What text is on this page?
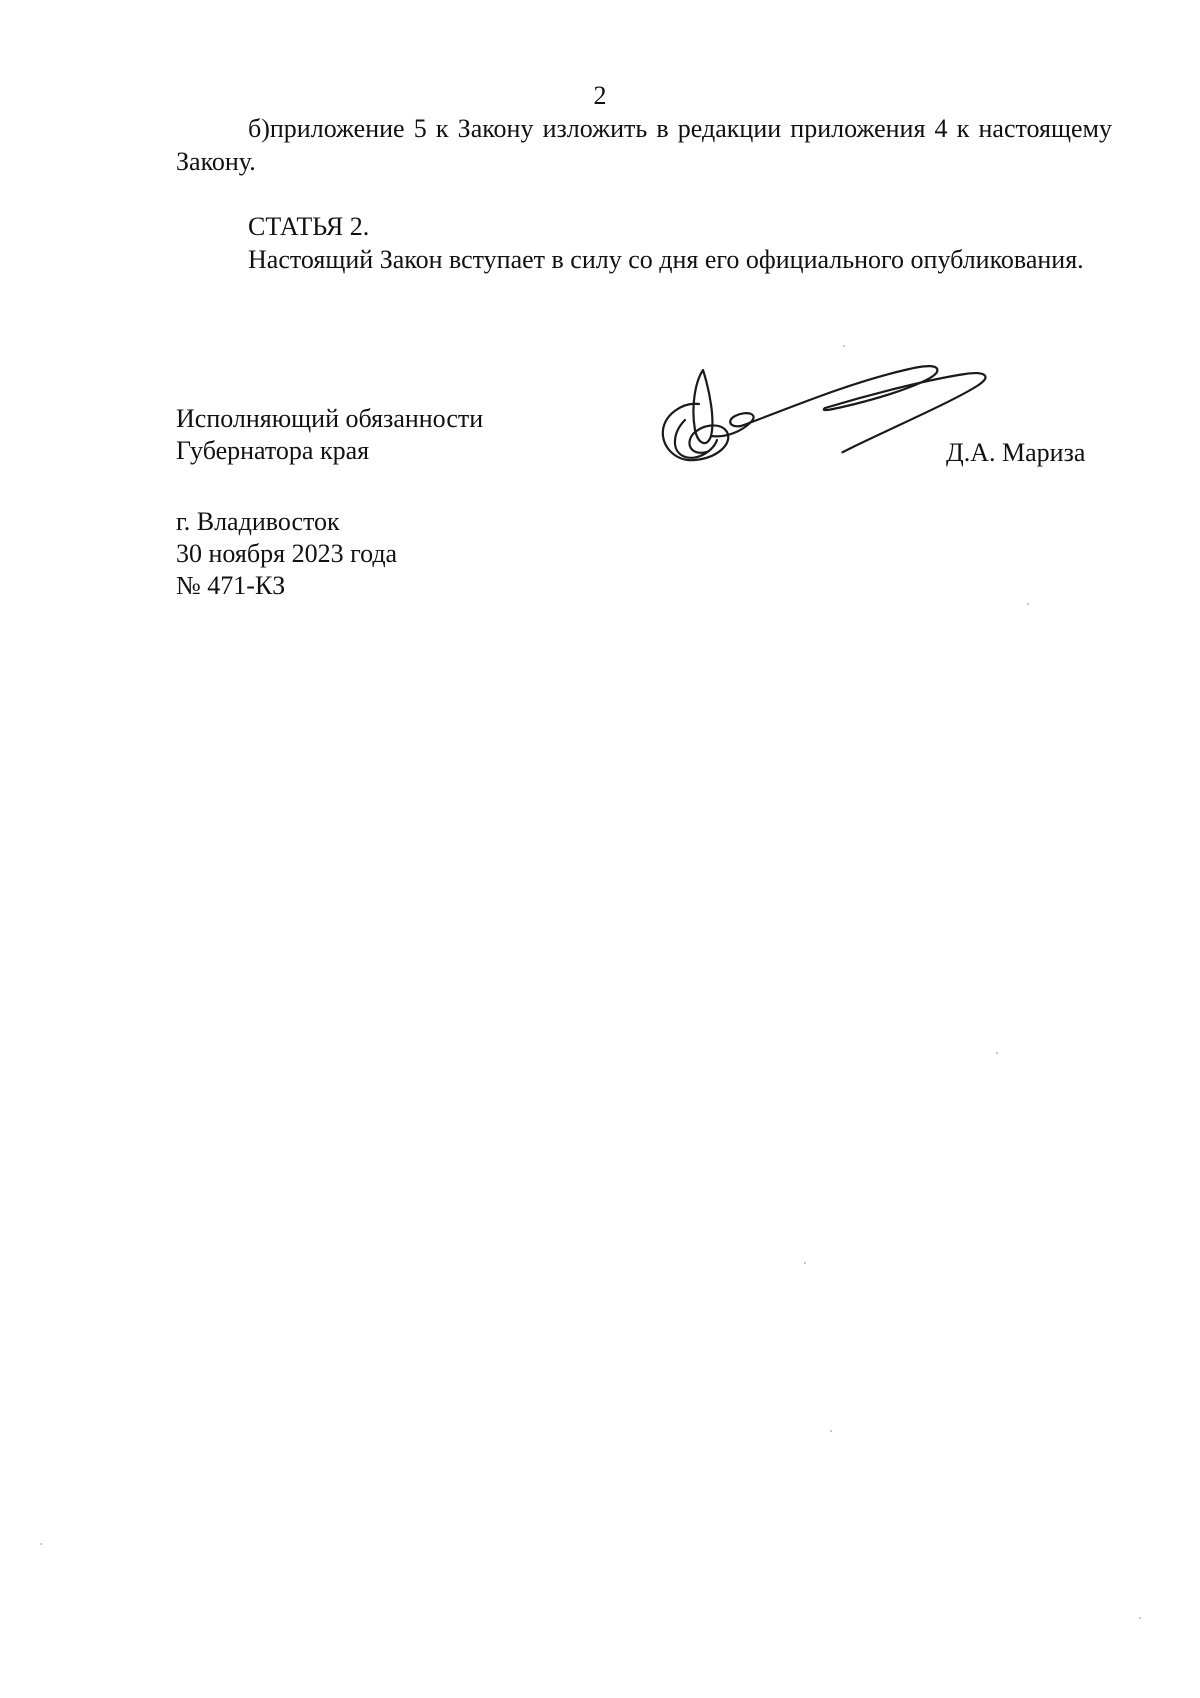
2

б)приложение 5 к Закону изложить в редакции приложения 4 к настоящему Закону.

СТАТЬЯ 2.

Настоящий Закон вступает в силу со дня его официального опубликования.

Исполняющий обязанности
Губернатора края	Д.А. Мариза
г. Владивосток
30 ноября 2023 года
№ 471-КЗ
